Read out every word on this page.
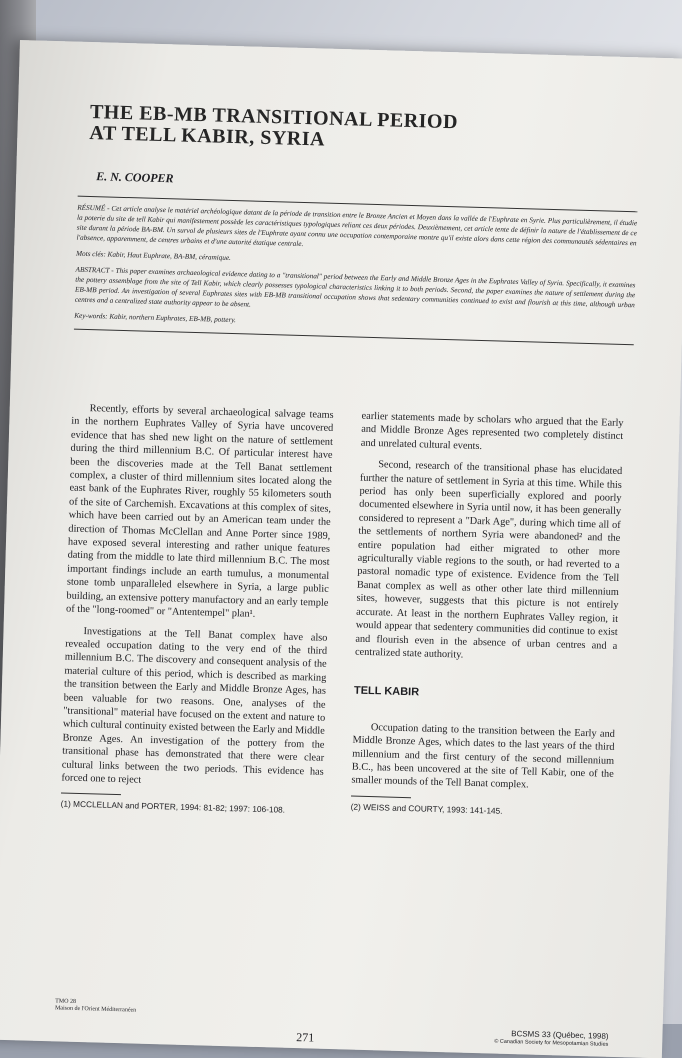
THE EB-MB TRANSITIONAL PERIOD
AT TELL KABIR, SYRIA
E. N. COOPER

RÉSUMÉ - Cet article analyse le matériel archéologique datant de la période de transition entre le Bronze Ancien et Moyen dans la vallée de l'Euphrate en Syrie. Plus particulièrement, il étudie la poterie du site de tell Kabir qui manifestement possède les caractéristiques typologiques reliant ces deux périodes. Deuxièmement, cet article tente de définir la nature de l'établissement de ce site durant la période BA-BM. Un survol de plusieurs sites de l'Euphrate ayant connu une occupation contemporaine montre qu'il existe alors dans cette région des communautés sédentaires en l'absence, apparemment, de centres urbains et d'une autorité étatique centrale.

Mots clés: Kabir, Haut Euphrate, BA-BM, céramique.

ABSTRACT - This paper examines archaeological evidence dating to a "transitional" period between the Early and Middle Bronze Ages in the Euphrates Valley of Syria. Specifically, it examines the pottery assemblage from the site of Tell Kabir, which clearly possesses typological characteristics linking it to both periods. Second, the paper examines the nature of settlement during the EB-MB period. An investigation of several Euphrates sites with EB-MB transitional occupation shows that sedentary communities continued to exist and flourish at this time, although urban centres and a centralized state authority appear to be absent.

Key-words: Kabir, northern Euphrates, EB-MB, pottery.

Recently, efforts by several archaeological salvage teams in the northern Euphrates Valley of Syria have uncovered evidence that has shed new light on the nature of settlement during the third millennium B.C. Of particular interest have been the discoveries made at the Tell Banat settlement complex, a cluster of third millennium sites located along the east bank of the Euphrates River, roughly 55 kilometers south of the site of Carchemish. Excavations at this complex of sites, which have been carried out by an American team under the direction of Thomas McClellan and Anne Porter since 1989, have exposed several interesting and rather unique features dating from the middle to late third millennium B.C. The most important findings include an earth tumulus, a monumental stone tomb unparalleled elsewhere in Syria, a large public building, an extensive pottery manufactory and an early temple of the "long-roomed" or "Antentempel" plan¹.

Investigations at the Tell Banat complex have also revealed occupation dating to the very end of the third millennium B.C. The discovery and consequent analysis of the material culture of this period, which is described as marking the transition between the Early and Middle Bronze Ages, has been valuable for two reasons. One, analyses of the "transitional" material have focused on the extent and nature to which cultural continuity existed between the Early and Middle Bronze Ages. An investigation of the pottery from the transitional phase has demonstrated that there were clear cultural links between the two periods. This evidence has forced one to reject

(1) MCCLELLAN and PORTER, 1994: 81-82; 1997: 106-108.

earlier statements made by scholars who argued that the Early and Middle Bronze Ages represented two completely distinct and unrelated cultural events.

Second, research of the transitional phase has elucidated further the nature of settlement in Syria at this time. While this period has only been superficially explored and poorly documented elsewhere in Syria until now, it has been generally considered to represent a "Dark Age", during which time all of the settlements of northern Syria were abandoned² and the entire population had either migrated to other more agriculturally viable regions to the south, or had reverted to a pastoral nomadic type of existence. Evidence from the Tell Banat complex as well as other other late third millennium sites, however, suggests that this picture is not entirely accurate. At least in the northern Euphrates Valley region, it would appear that sedentery communities did continue to exist and flourish even in the absence of urban centres and a centralized state authority.

TELL KABIR

Occupation dating to the transition between the Early and Middle Bronze Ages, which dates to the last years of the third millennium and the first century of the second millennium B.C., has been uncovered at the site of Tell Kabir, one of the smaller mounds of the Tell Banat complex.

(2) WEISS and COURTY, 1993: 141-145.
TMO 28
Maison de l'Orient Méditerranéen
271	BCSMS 33 (Québec, 1998)
© Canadian Society for Mesopotamian Studies
